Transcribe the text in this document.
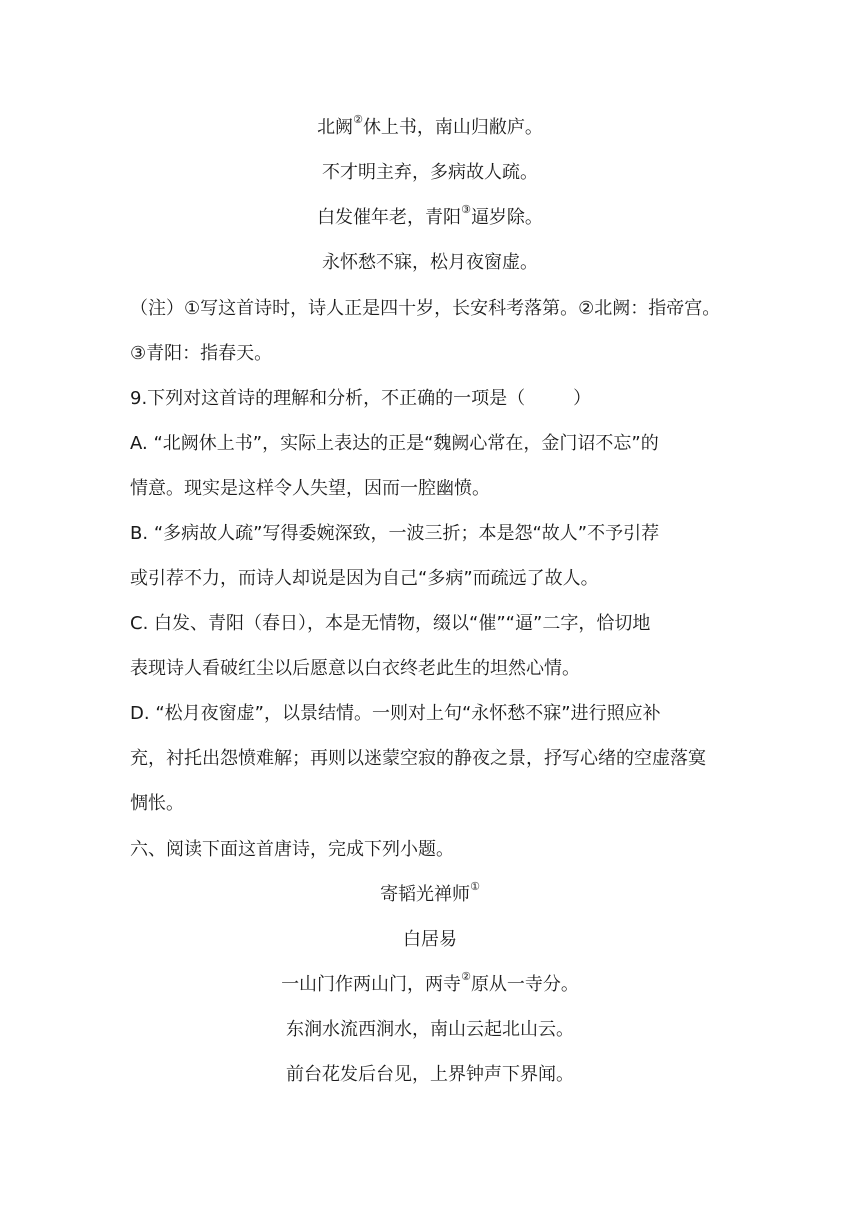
北阙②休上书，南山归敝庐。
不才明主弃，多病故人疏。
白发催年老，青阳③逼岁除。
永怀愁不寐，松月夜窗虚。
（注）①写这首诗时，诗人正是四十岁，长安科考落第。②北阙：指帝宫。
③青阳：指春天。
9.下列对这首诗的理解和分析，不正确的一项是（	）
A. “北阙休上书”，实际上表达的正是“魏阙心常在，金门诏不忘”的
情意。现实是这样令人失望，因而一腔幽愤。
B. “多病故人疏”写得委婉深致，一波三折；本是怨“故人”不予引荐
或引荐不力，而诗人却说是因为自己“多病”而疏远了故人。
C. 白发、青阳（春日），本是无情物，缀以“催”“逼”二字，恰切地
表现诗人看破红尘以后愿意以白衣终老此生的坦然心情。
D. “松月夜窗虚”，以景结情。一则对上句“永怀愁不寐”进行照应补
充，衬托出怨愤难解；再则以迷蒙空寂的静夜之景，抒写心绪的空虚落寞
惆怅。
六、阅读下面这首唐诗，完成下列小题。
寄韬光禅师①
白居易
一山门作两山门，两寺②原从一寺分。
东涧水流西涧水，南山云起北山云。
前台花发后台见，上界钟声下界闻。
